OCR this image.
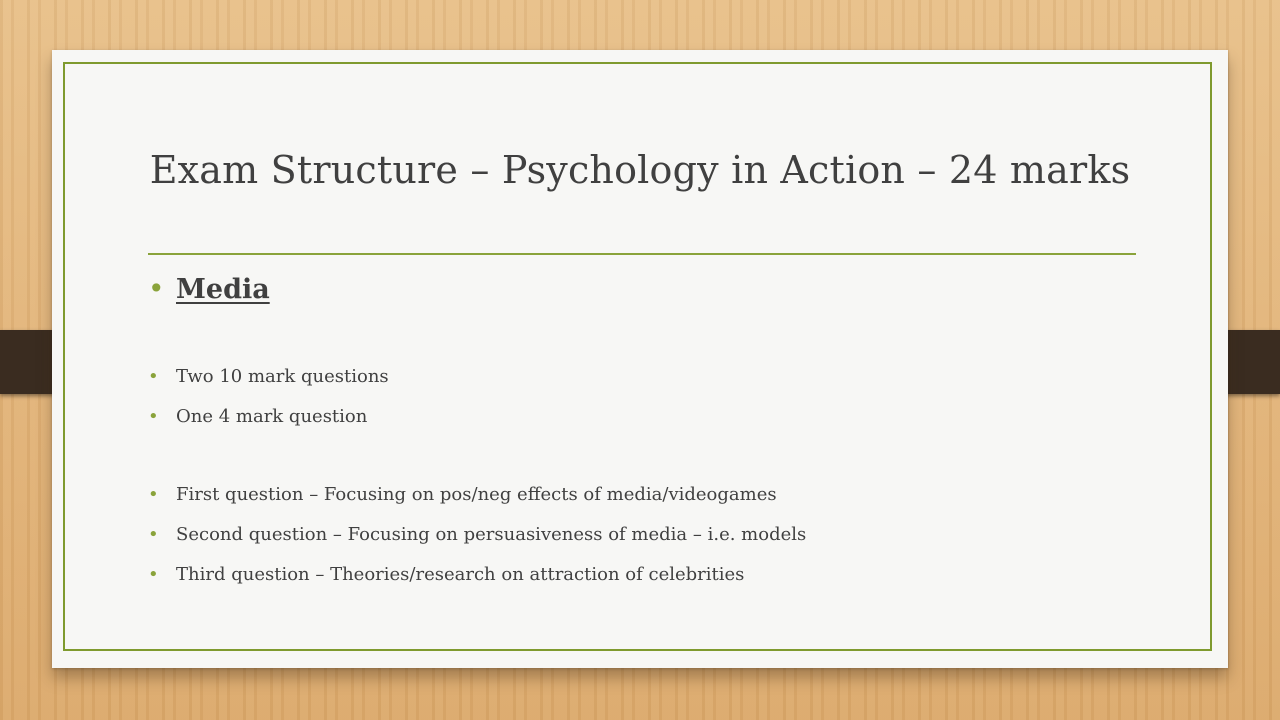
Exam Structure – Psychology in Action – 24 marks
• Media
• Two 10 mark questions
• One 4 mark question
• First question – Focusing on pos/neg effects of media/videogames
• Second question – Focusing on persuasiveness of media – i.e. models
• Third question – Theories/research on attraction of celebrities
